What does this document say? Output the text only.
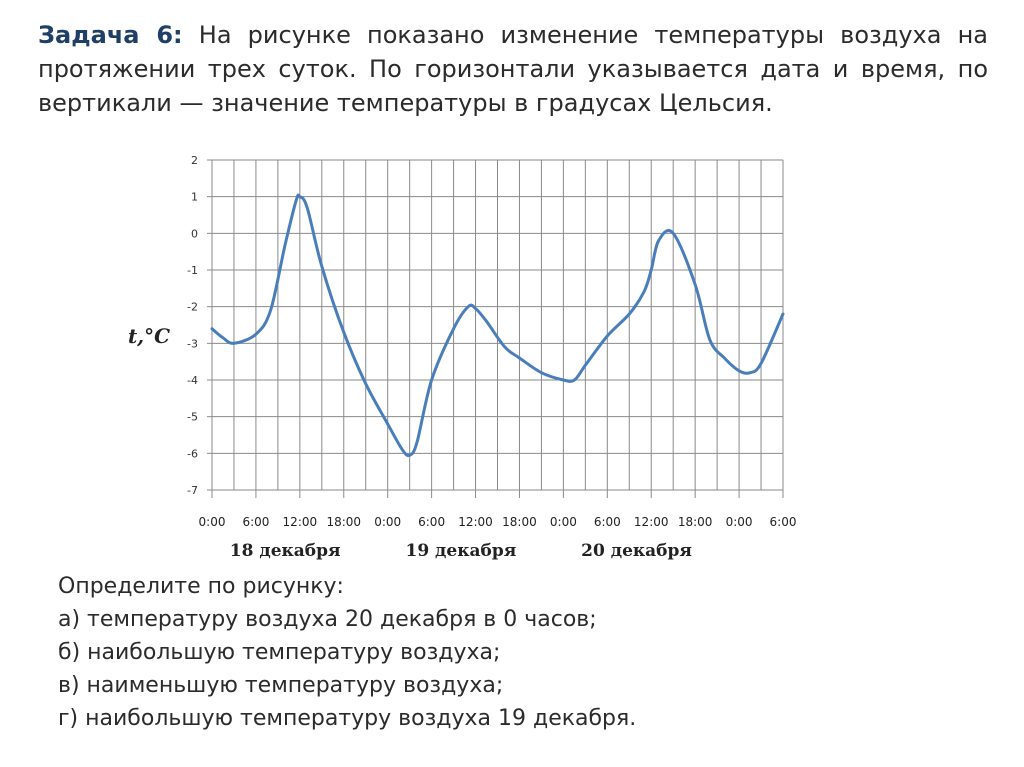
Задача 6: На рисунке показано изменение температуры воздуха на протяжении трех суток. По горизонтали указывается дата и время, по вертикали — значение температуры в градусах Цельсия.
2
1
0
-1
-2
-3
-4
-5
-6
-7
0:00 6:00 12:00 18:00 0:00 6:00 12:00 18:00 0:00 6:00 12:00 18:00 0:00 6:00
t,°C
18 декабря	19 декабря	20 декабря
Определите по рисунку:
а) температуру воздуха 20 декабря в 0 часов;
б) наибольшую температуру воздуха;
в) наименьшую температуру воздуха;
г) наибольшую температуру воздуха 19 декабря.
